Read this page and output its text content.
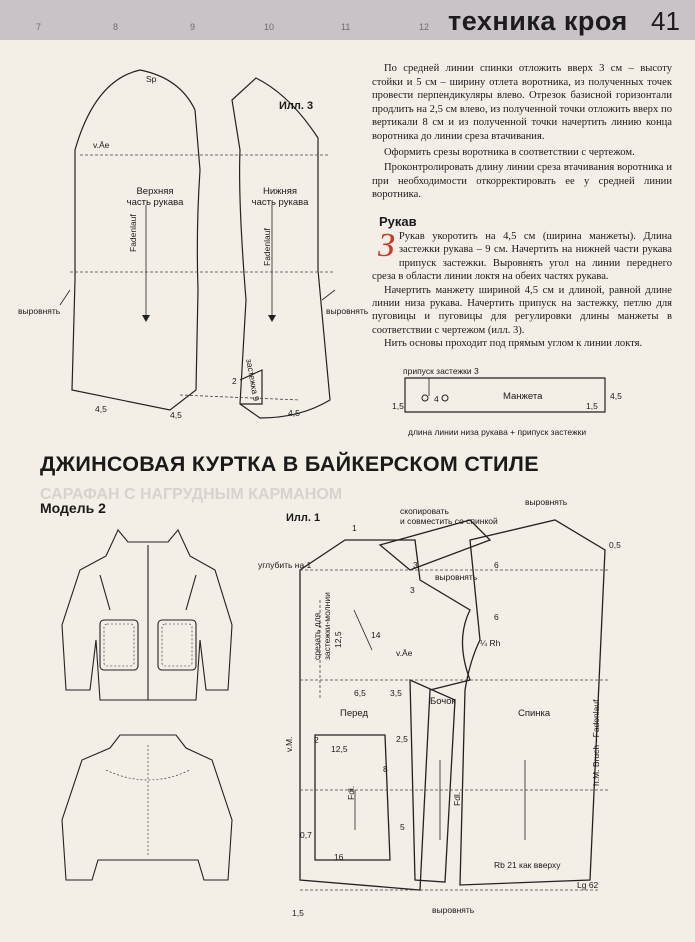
7	8	9	10	11	12 техника кроя 41

По средней линии спинки отложить вверх 3 см – высоту стойки и 5 см – ширину отлета воротника, из полученных точек провести перпендикуляры влево. Отрезок базисной горизонтали продлить на 2,5 см влево, из полученной точки отложить вверх по вертикали 8 см и из полученной точки начертить линию конца воротника до линии среза втачивания.

Оформить срезы воротника в соответствии с чертежом.

Проконтролировать длину линии среза втачивания воротника и при необходимости откорректировать ее у средней линии воротника.

Рукав
З Рукав укоротить на 4,5 см (ширина манжеты). Длина застежки рукава – 9 см. Начертить на нижней части рукава припуск застежки. Выровнять угол на линии переднего среза в области линии локтя на обеих частях рукава.

Начертить манжету шириной 4,5 см и длиной, равной длине линии низа рукава. Начертить припуск на застежку, петлю для пуговицы и пуговицы для регулировки длины манжеты в соответствии с чертежом (илл. 3).

Нить основы проходит под прямым углом к линии локтя.

Илл. 3
Sp
v.Äe
Верхняя
часть рукава
Нижняя
часть рукава
Fadenlauf	Fadenlauf
выровнять	выровнять
застежка 9
4,5
4,5	4,5
2
припуск застежки 3
Манжета
1,5
4
1,5
4,5
длина линии низа рукава + припуск застежки
САРАФАН С НАГРУДНЫМ КАРМАНОМ
ДЖИНСОВАЯ КУРТКА В БАЙКЕРСКОМ СТИЛЕ
Модель 2
Илл. 1
скопировать
и совместить со спинкой
выровнять
выровнять
выровнять
углубить на 1
срезать для
застежки-молнии
Перед
Бочок
Спинка
v.M.
v.Äe
h.M. Bruch - Fadenlauf
Fdl.	Fdl.
Rb 21 как вверху
Lg 62
¼ Rh
1
3
3
6
6
0,5
8
2
12,5
12,5
2,5
6,5	3,5
14
0,7
16
1,5
5
